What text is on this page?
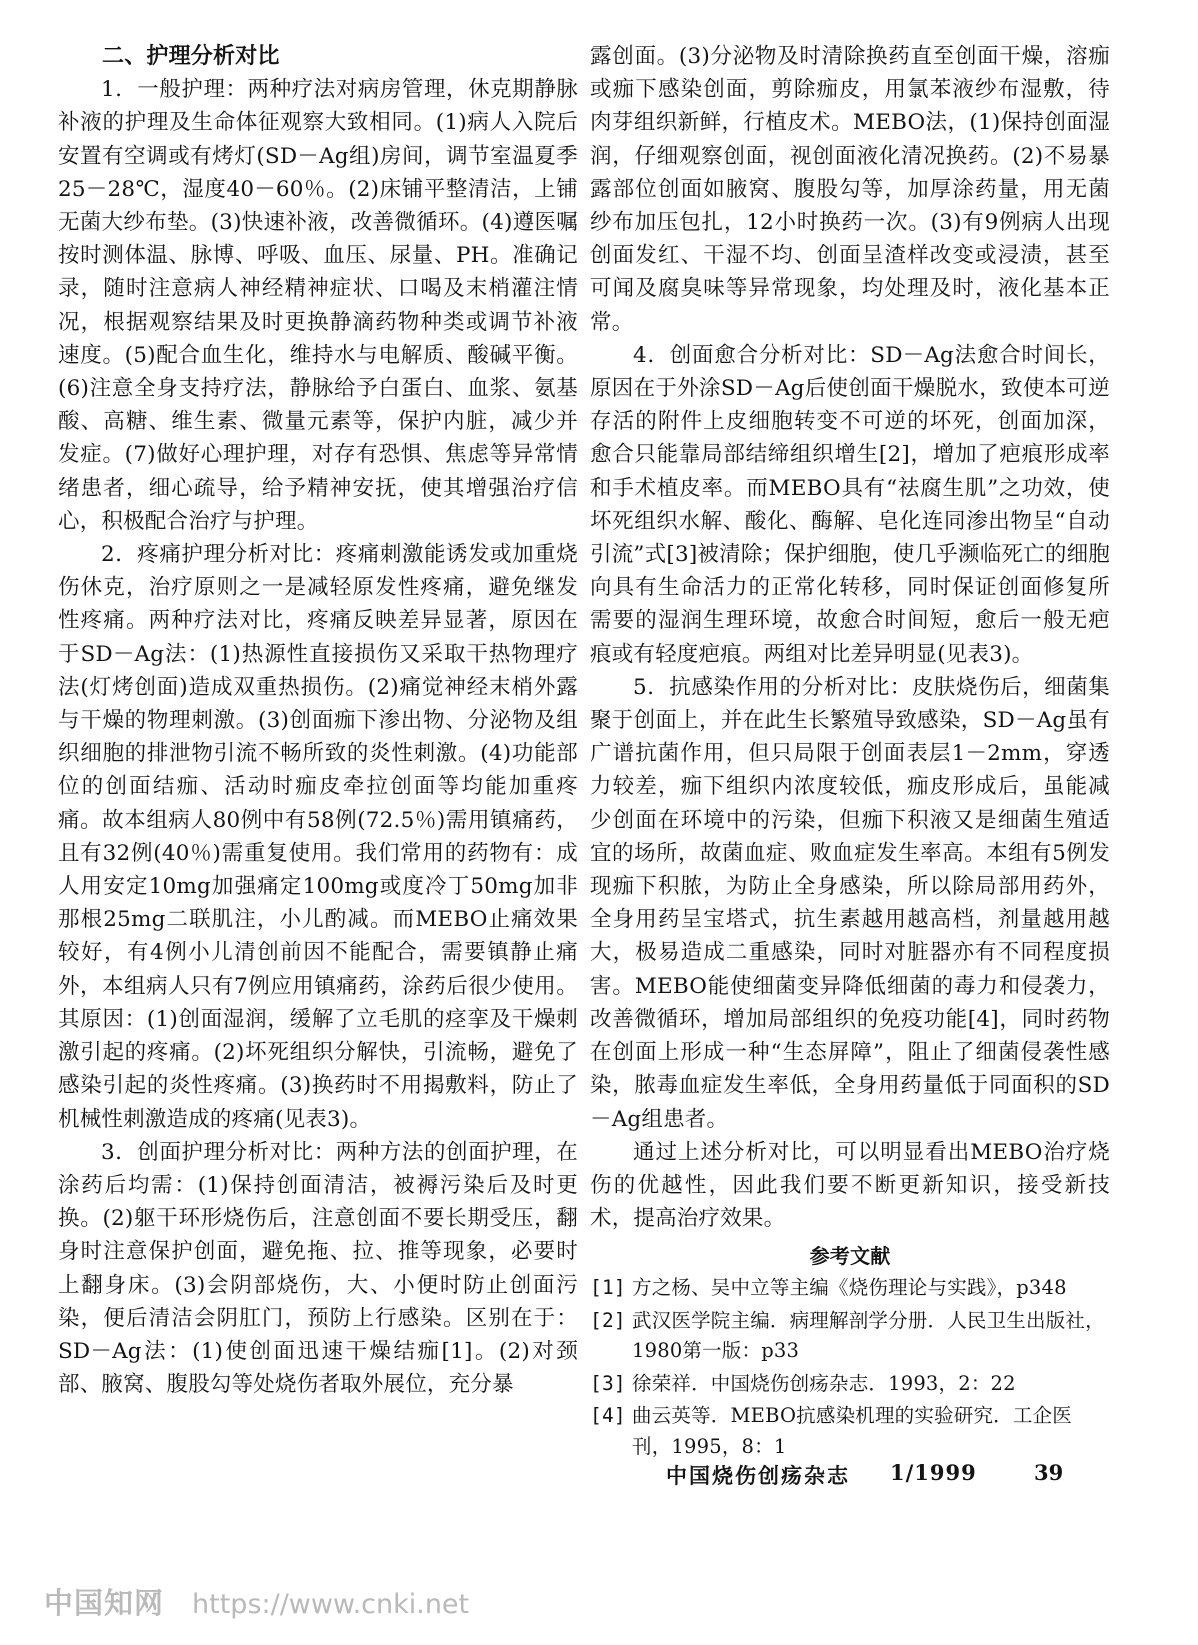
二、护理分析对比

1．一般护理：两种疗法对病房管理，休克期静脉补液的护理及生命体征观察大致相同。(1)病人入院后安置有空调或有烤灯(SD－Ag组)房间，调节室温夏季25－28℃，湿度40－60％。(2)床铺平整清洁，上铺无菌大纱布垫。(3)快速补液，改善微循环。(4)遵医嘱按时测体温、脉博、呼吸、血压、尿量、PH。准确记录，随时注意病人神经精神症状、口喝及末梢灌注情况，根据观察结果及时更换静滴药物种类或调节补液速度。(5)配合血生化，维持水与电解质、酸碱平衡。(6)注意全身支持疗法，静脉给予白蛋白、血浆、氨基酸、高糖、维生素、微量元素等，保护内脏，减少并发症。(7)做好心理护理，对存有恐惧、焦虑等异常情绪患者，细心疏导，给予精神安抚，使其增强治疗信心，积极配合治疗与护理。

2．疼痛护理分析对比：疼痛刺激能诱发或加重烧伤休克，治疗原则之一是减轻原发性疼痛，避免继发性疼痛。两种疗法对比，疼痛反映差异显著，原因在于SD－Ag法：(1)热源性直接损伤又采取干热物理疗法(灯烤创面)造成双重热损伤。(2)痛觉神经末梢外露与干燥的物理刺激。(3)创面痂下渗出物、分泌物及组织细胞的排泄物引流不畅所致的炎性刺激。(4)功能部位的创面结痂、活动时痂皮牵拉创面等均能加重疼痛。故本组病人80例中有58例(72.5％)需用镇痛药，且有32例(40％)需重复使用。我们常用的药物有：成人用安定10mg加强痛定100mg或度冷丁50mg加非那根25mg二联肌注，小儿酌减。而MEBO止痛效果较好，有4例小儿清创前因不能配合，需要镇静止痛外，本组病人只有7例应用镇痛药，涂药后很少使用。其原因：(1)创面湿润，缓解了立毛肌的痉挛及干燥刺激引起的疼痛。(2)坏死组织分解快，引流畅，避免了感染引起的炎性疼痛。(3)换药时不用揭敷料，防止了机械性刺激造成的疼痛(见表3)。

3．创面护理分析对比：两种方法的创面护理，在涂药后均需：(1)保持创面清洁，被褥污染后及时更换。(2)躯干环形烧伤后，注意创面不要长期受压，翻身时注意保护创面，避免拖、拉、推等现象，必要时上翻身床。(3)会阴部烧伤，大、小便时防止创面污染，便后清洁会阴肛门，预防上行感染。区别在于：SD－Ag法：(1)使创面迅速干燥结痂[1]。(2)对颈部、腋窝、腹股勾等处烧伤者取外展位，充分暴

露创面。(3)分泌物及时清除换药直至创面干燥，溶痂或痂下感染创面，剪除痂皮，用氯苯液纱布湿敷，待肉芽组织新鲜，行植皮术。MEBO法，(1)保持创面湿润，仔细观察创面，视创面液化清况换药。(2)不易暴露部位创面如腋窝、腹股勾等，加厚涂药量，用无菌纱布加压包扎，12小时换药一次。(3)有9例病人出现创面发红、干湿不均、创面呈渣样改变或浸渍，甚至可闻及腐臭味等异常现象，均处理及时，液化基本正常。

4．创面愈合分析对比：SD－Ag法愈合时间长，原因在于外涂SD－Ag后使创面干燥脱水，致使本可逆存活的附件上皮细胞转变不可逆的坏死，创面加深，愈合只能靠局部结缔组织增生[2]，增加了疤痕形成率和手术植皮率。而MEBO具有“祛腐生肌”之功效，使坏死组织水解、酸化、酶解、皂化连同渗出物呈“自动引流”式[3]被清除；保护细胞，使几乎濒临死亡的细胞向具有生命活力的正常化转移，同时保证创面修复所需要的湿润生理环境，故愈合时间短，愈后一般无疤痕或有轻度疤痕。两组对比差异明显(见表3)。

5．抗感染作用的分析对比：皮肤烧伤后，细菌集聚于创面上，并在此生长繁殖导致感染，SD－Ag虽有广谱抗菌作用，但只局限于创面表层1－2mm，穿透力较差，痂下组织内浓度较低，痂皮形成后，虽能减少创面在环境中的污染，但痂下积液又是细菌生殖适宜的场所，故菌血症、败血症发生率高。本组有5例发现痂下积脓，为防止全身感染，所以除局部用药外，全身用药呈宝塔式，抗生素越用越高档，剂量越用越大，极易造成二重感染，同时对脏器亦有不同程度损害。MEBO能使细菌变异降低细菌的毒力和侵袭力，改善微循环，增加局部组织的免疫功能[4]，同时药物在创面上形成一种“生态屏障”，阻止了细菌侵袭性感染，脓毒血症发生率低，全身用药量低于同面积的SD－Ag组患者。

通过上述分析对比，可以明显看出MEBO治疗烧伤的优越性，因此我们要不断更新知识，接受新技术，提高治疗效果。

参考文献
[1] 方之杨、吴中立等主编《烧伤理论与实践》，p348
[2] 武汉医学院主编．病理解剖学分册．人民卫生出版社，1980第一版：p33
[3] 徐荣祥．中国烧伤创疡杂志．1993，2：22
[4] 曲云英等．MEBO抗感染机理的实验研究．工企医刊，1995，8：1
中国烧伤创疡杂志 1/1999	39
中国知网 https://www.cnki.net
